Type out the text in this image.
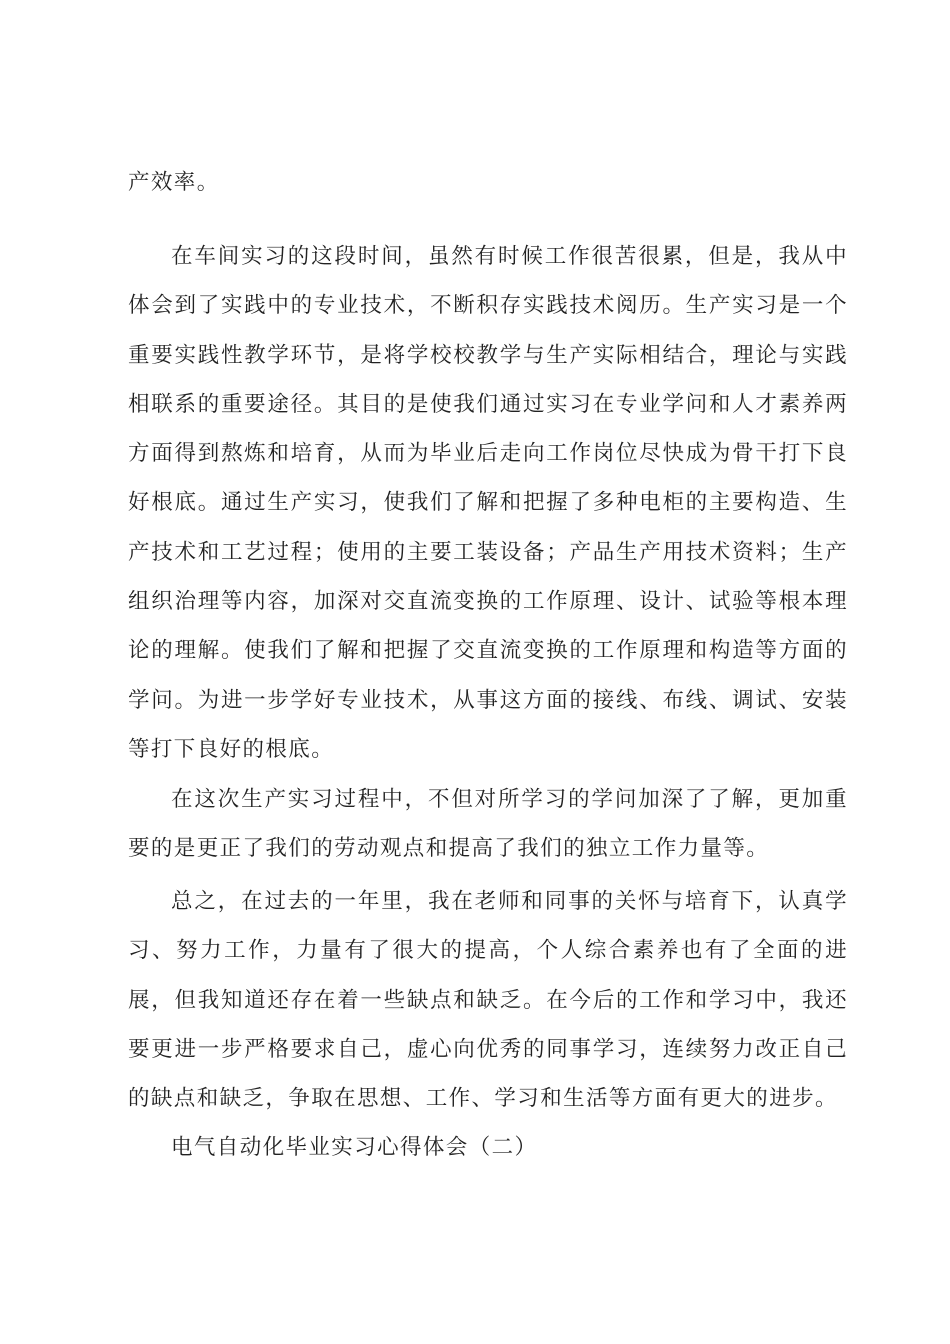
产效率。

在车间实习的这段时间，虽然有时候工作很苦很累，但是，我从中体会到了实践中的专业技术，不断积存实践技术阅历。生产实习是一个重要实践性教学环节，是将学校校教学与生产实际相结合，理论与实践相联系的重要途径。其目的是使我们通过实习在专业学问和人才素养两方面得到熬炼和培育，从而为毕业后走向工作岗位尽快成为骨干打下良好根底。通过生产实习，使我们了解和把握了多种电柜的主要构造、生产技术和工艺过程；使用的主要工装设备；产品生产用技术资料；生产组织治理等内容，加深对交直流变换的工作原理、设计、试验等根本理论的理解。使我们了解和把握了交直流变换的工作原理和构造等方面的学问。为进一步学好专业技术，从事这方面的接线、布线、调试、安装等打下良好的根底。

在这次生产实习过程中，不但对所学习的学问加深了了解，更加重要的是更正了我们的劳动观点和提高了我们的独立工作力量等。

总之，在过去的一年里，我在老师和同事的关怀与培育下，认真学习、努力工作，力量有了很大的提高，个人综合素养也有了全面的进展，但我知道还存在着一些缺点和缺乏。在今后的工作和学习中，我还要更进一步严格要求自己，虚心向优秀的同事学习，连续努力改正自己的缺点和缺乏，争取在思想、工作、学习和生活等方面有更大的进步。

电气自动化毕业实习心得体会（二）
